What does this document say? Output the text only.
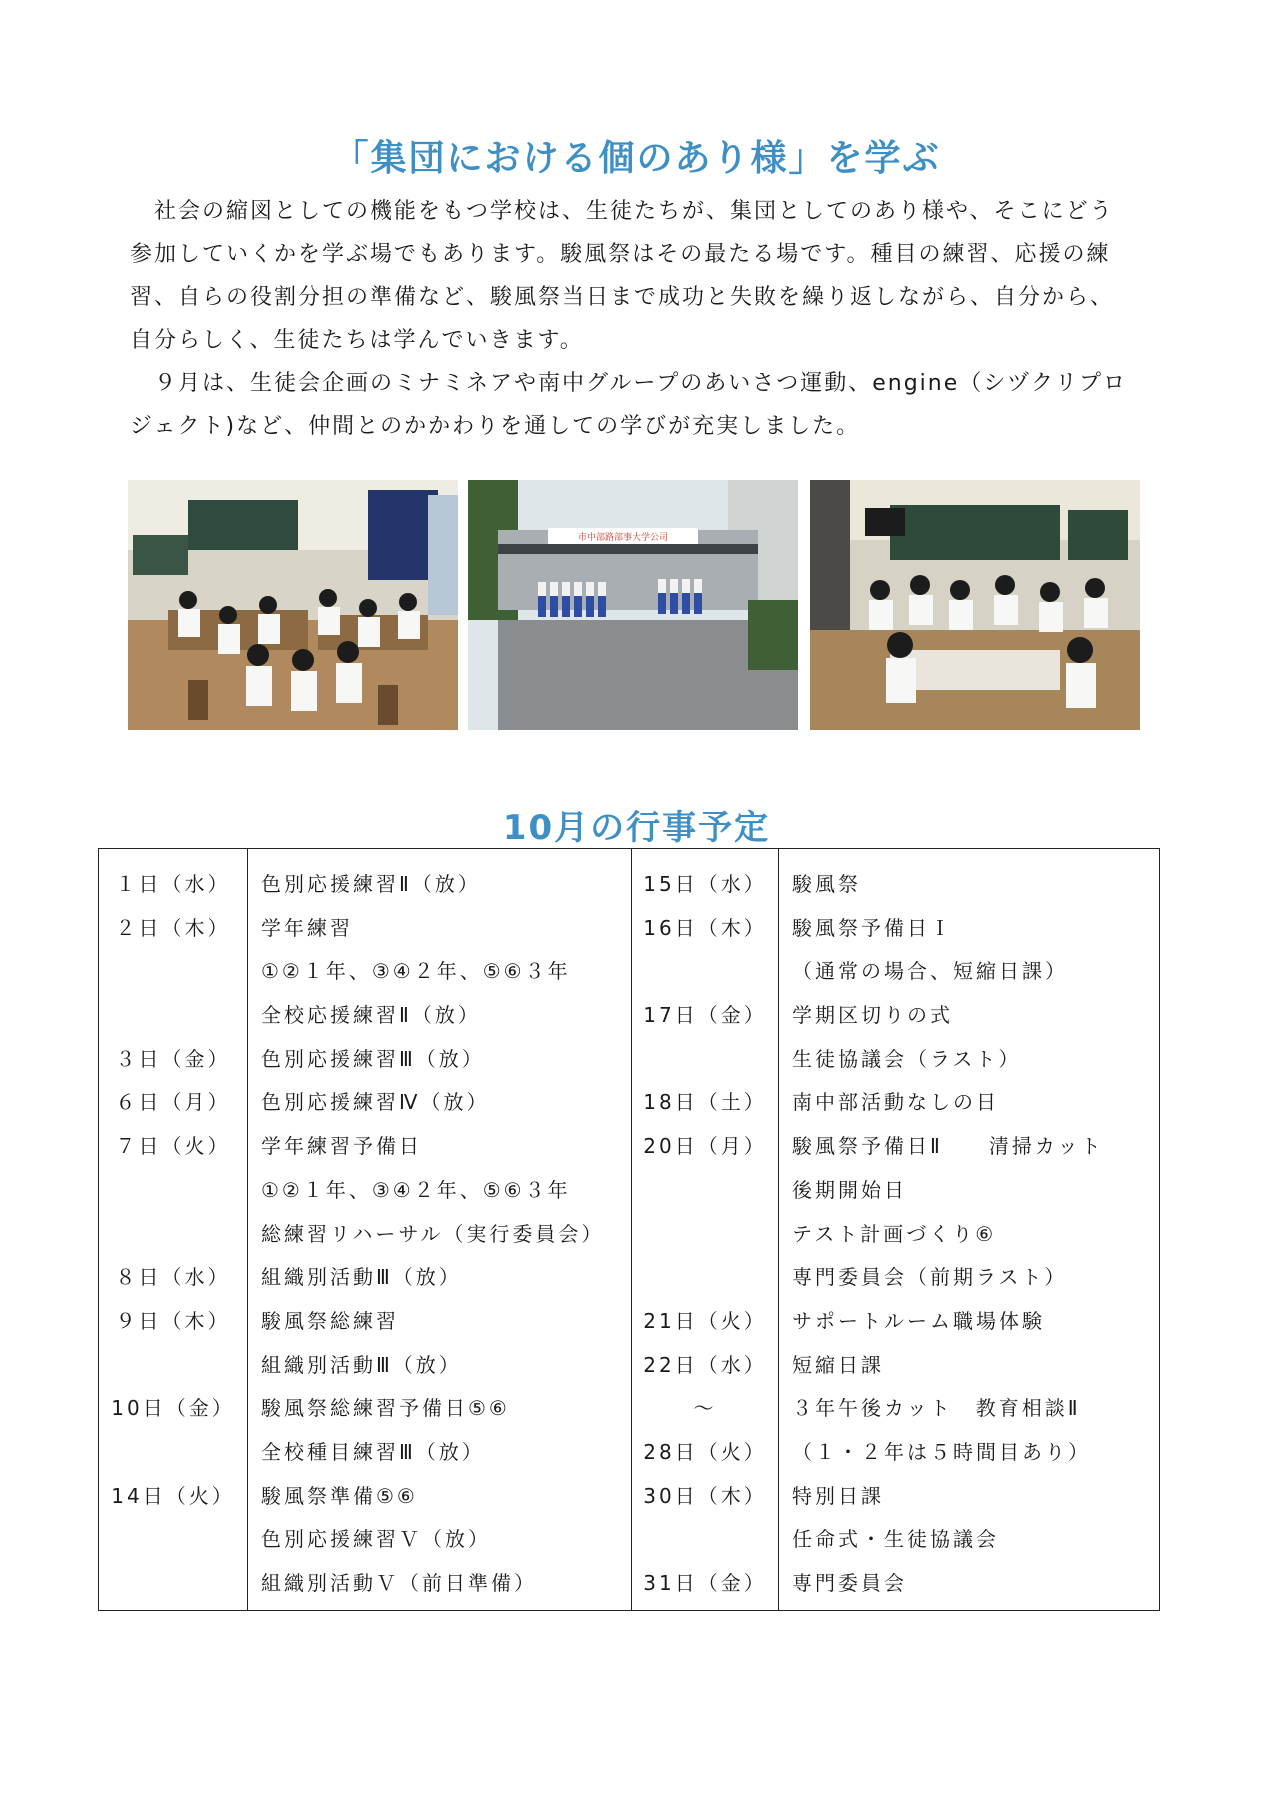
「集団における個のあり様」を学ぶ

　社会の縮図としての機能をもつ学校は、生徒たちが、集団としてのあり様や、そこにどう参加していくかを学ぶ場でもあります。駿風祭はその最たる場です。種目の練習、応援の練習、自らの役割分担の準備など、駿風祭当日まで成功と失敗を繰り返しながら、自分から、自分らしく、生徒たちは学んでいきます。

　９月は、生徒会企画のミナミネアや南中グループのあいさつ運動、engine（シヅクリプロジェクト)など、仲間とのかかわりを通しての学びが充実しました。

市中部路部事大学公司
10月の行事予定
１日（水）
２日（木）
３日（金）
６日（月）
７日（火）
８日（水）
９日（木）
10日（金）
14日（火）
色別応援練習Ⅱ（放）
学年練習
①②１年、③④２年、⑤⑥３年
全校応援練習Ⅱ（放）
色別応援練習Ⅲ（放）
色別応援練習Ⅳ（放）
学年練習予備日
①②１年、③④２年、⑤⑥３年
総練習リハーサル（実行委員会）
組織別活動Ⅲ（放）
駿風祭総練習
組織別活動Ⅲ（放）
駿風祭総練習予備日⑤⑥
全校種目練習Ⅲ（放）
駿風祭準備⑤⑥
色別応援練習Ｖ（放）
組織別活動Ｖ（前日準備）
15日（水）
16日（木）
17日（金）
18日（土）
20日（月）
21日（火）
22日（水）
～
28日（火）
30日（木）
31日（金）
駿風祭
駿風祭予備日Ｉ
（通常の場合、短縮日課）
学期区切りの式
生徒協議会（ラスト）
南中部活動なしの日
駿風祭予備日Ⅱ　　清掃カット
後期開始日
テスト計画づくり⑥
専門委員会（前期ラスト）
サポートルーム職場体験
短縮日課
３年午後カット　教育相談Ⅱ
（１・２年は５時間目あり）
特別日課
任命式・生徒協議会
専門委員会
